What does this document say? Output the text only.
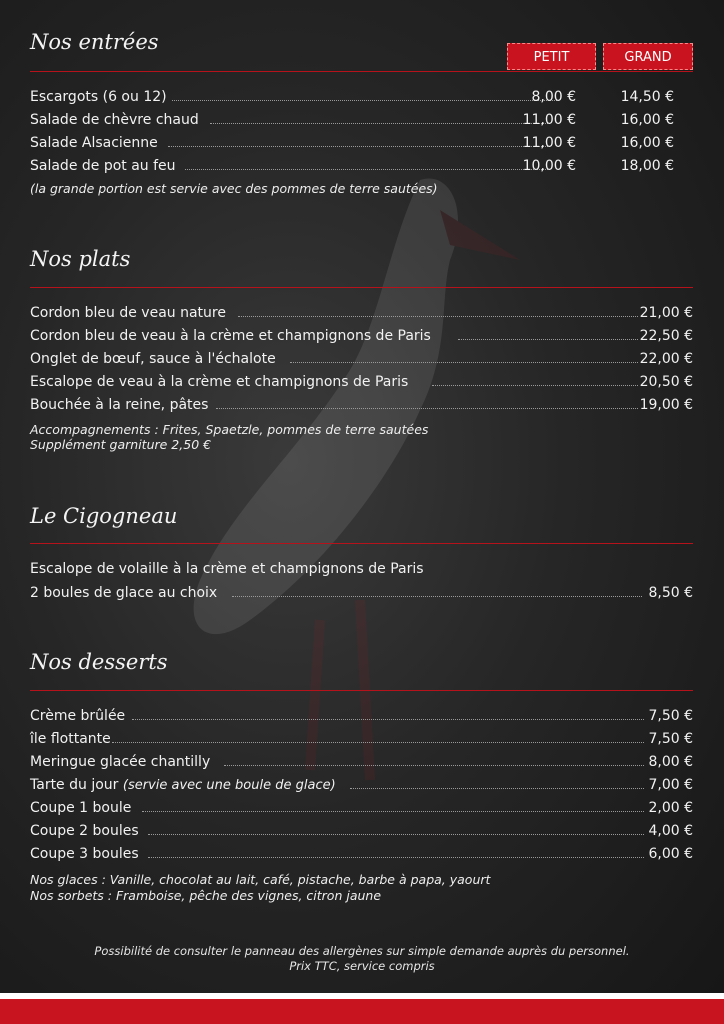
Nos entrées
PETIT	GRAND
Escargots (6 ou 12)	8,00 €	14,50 €
Salade de chèvre chaud	11,00 €	16,00 €
Salade Alsacienne	11,00 €	16,00 €
Salade de pot au feu	10,00 €	18,00 €
(la grande portion est servie avec des pommes de terre sautées)
Nos plats
Cordon bleu de veau nature	21,00 €
Cordon bleu de veau à la crème et champignons de Paris	22,50 €
Onglet de bœuf, sauce à l'échalote	22,00 €
Escalope de veau à la crème et champignons de Paris	20,50 €
Bouchée à la reine, pâtes	19,00 €
Accompagnements : Frites, Spaetzle, pommes de terre sautées
Supplément garniture 2,50 €
Le Cigogneau
Escalope de volaille à la crème et champignons de Paris
2 boules de glace au choix	8,50 €
Nos desserts
Crème brûlée	7,50 €
île flottante	7,50 €
Meringue glacée chantilly	8,00 €
Tarte du jour (servie avec une boule de glace)	7,00 €
Coupe 1 boule	2,00 €
Coupe 2 boules	4,00 €
Coupe 3 boules	6,00 €
Nos glaces : Vanille, chocolat au lait, café, pistache, barbe à papa, yaourt
Nos sorbets : Framboise, pêche des vignes, citron jaune
Possibilité de consulter le panneau des allergènes sur simple demande auprès du personnel.
Prix TTC, service compris
